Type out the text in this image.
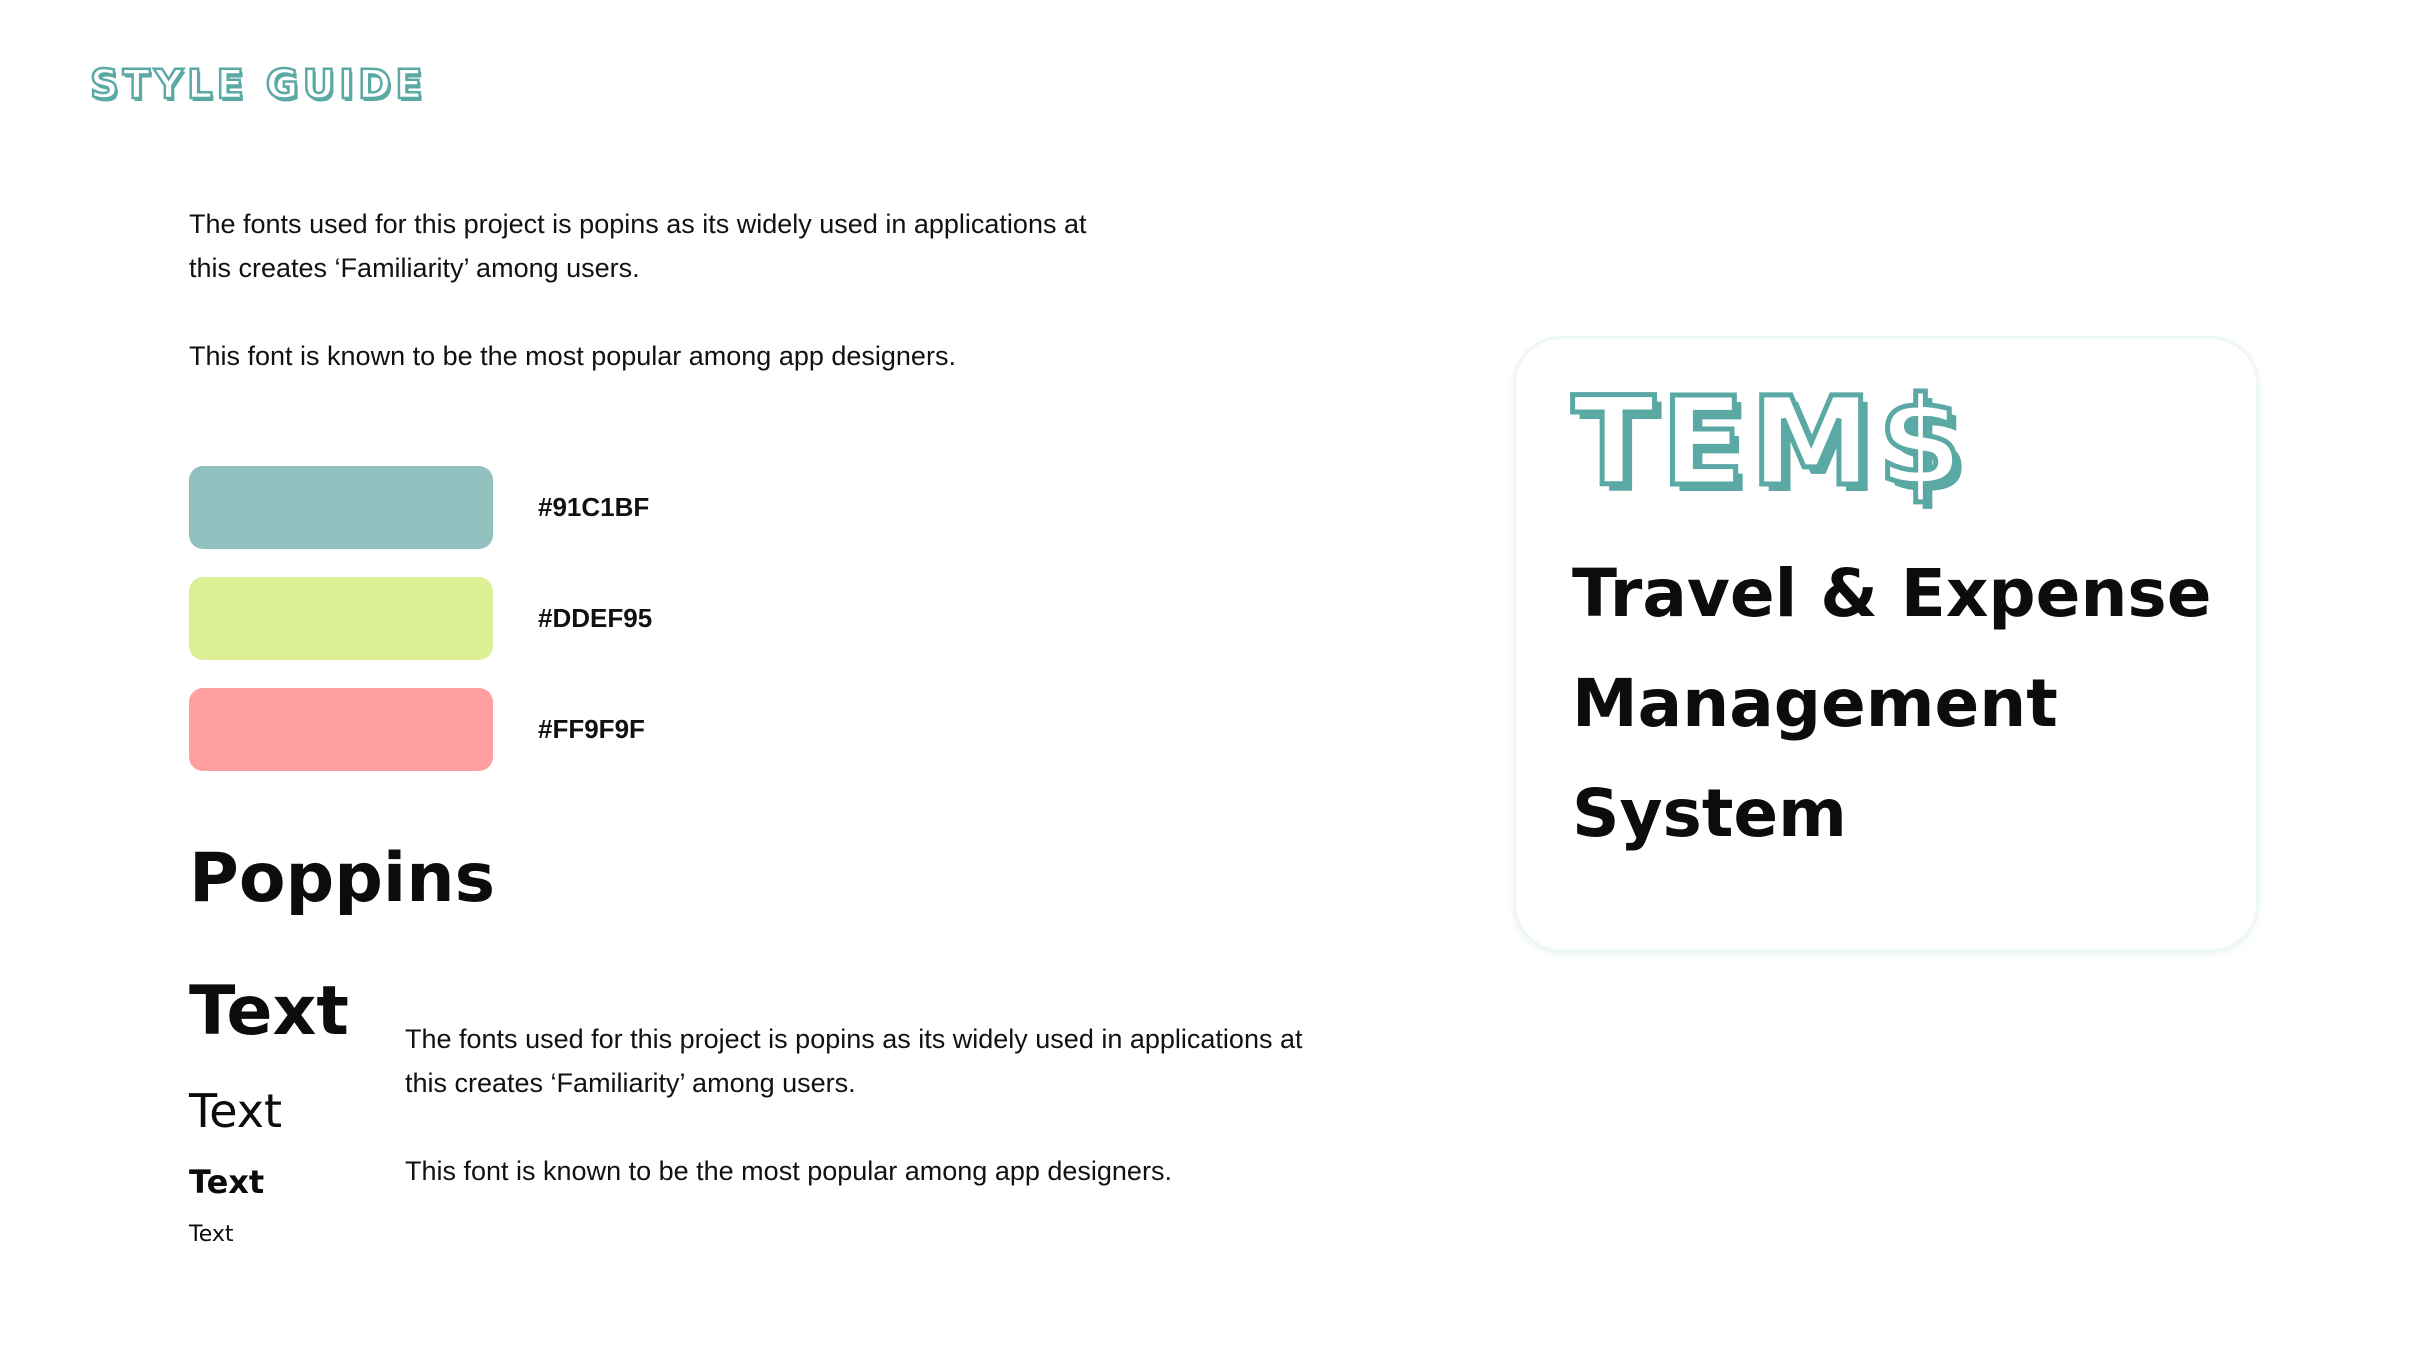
STYLE GUIDE

The fonts used for this project is popins as its widely used in applications at

this creates ‘Familiarity’ among users.

This font is known to be the most popular among app designers.

#91C1BF
#DDEF95
#FF9F9F
Poppins
Text
Text
Text
Text

The fonts used for this project is popins as its widely used in applications at

this creates ‘Familiarity’ among users.

This font is known to be the most popular among app designers.

TEM$
Travel & Expense
Management
System
